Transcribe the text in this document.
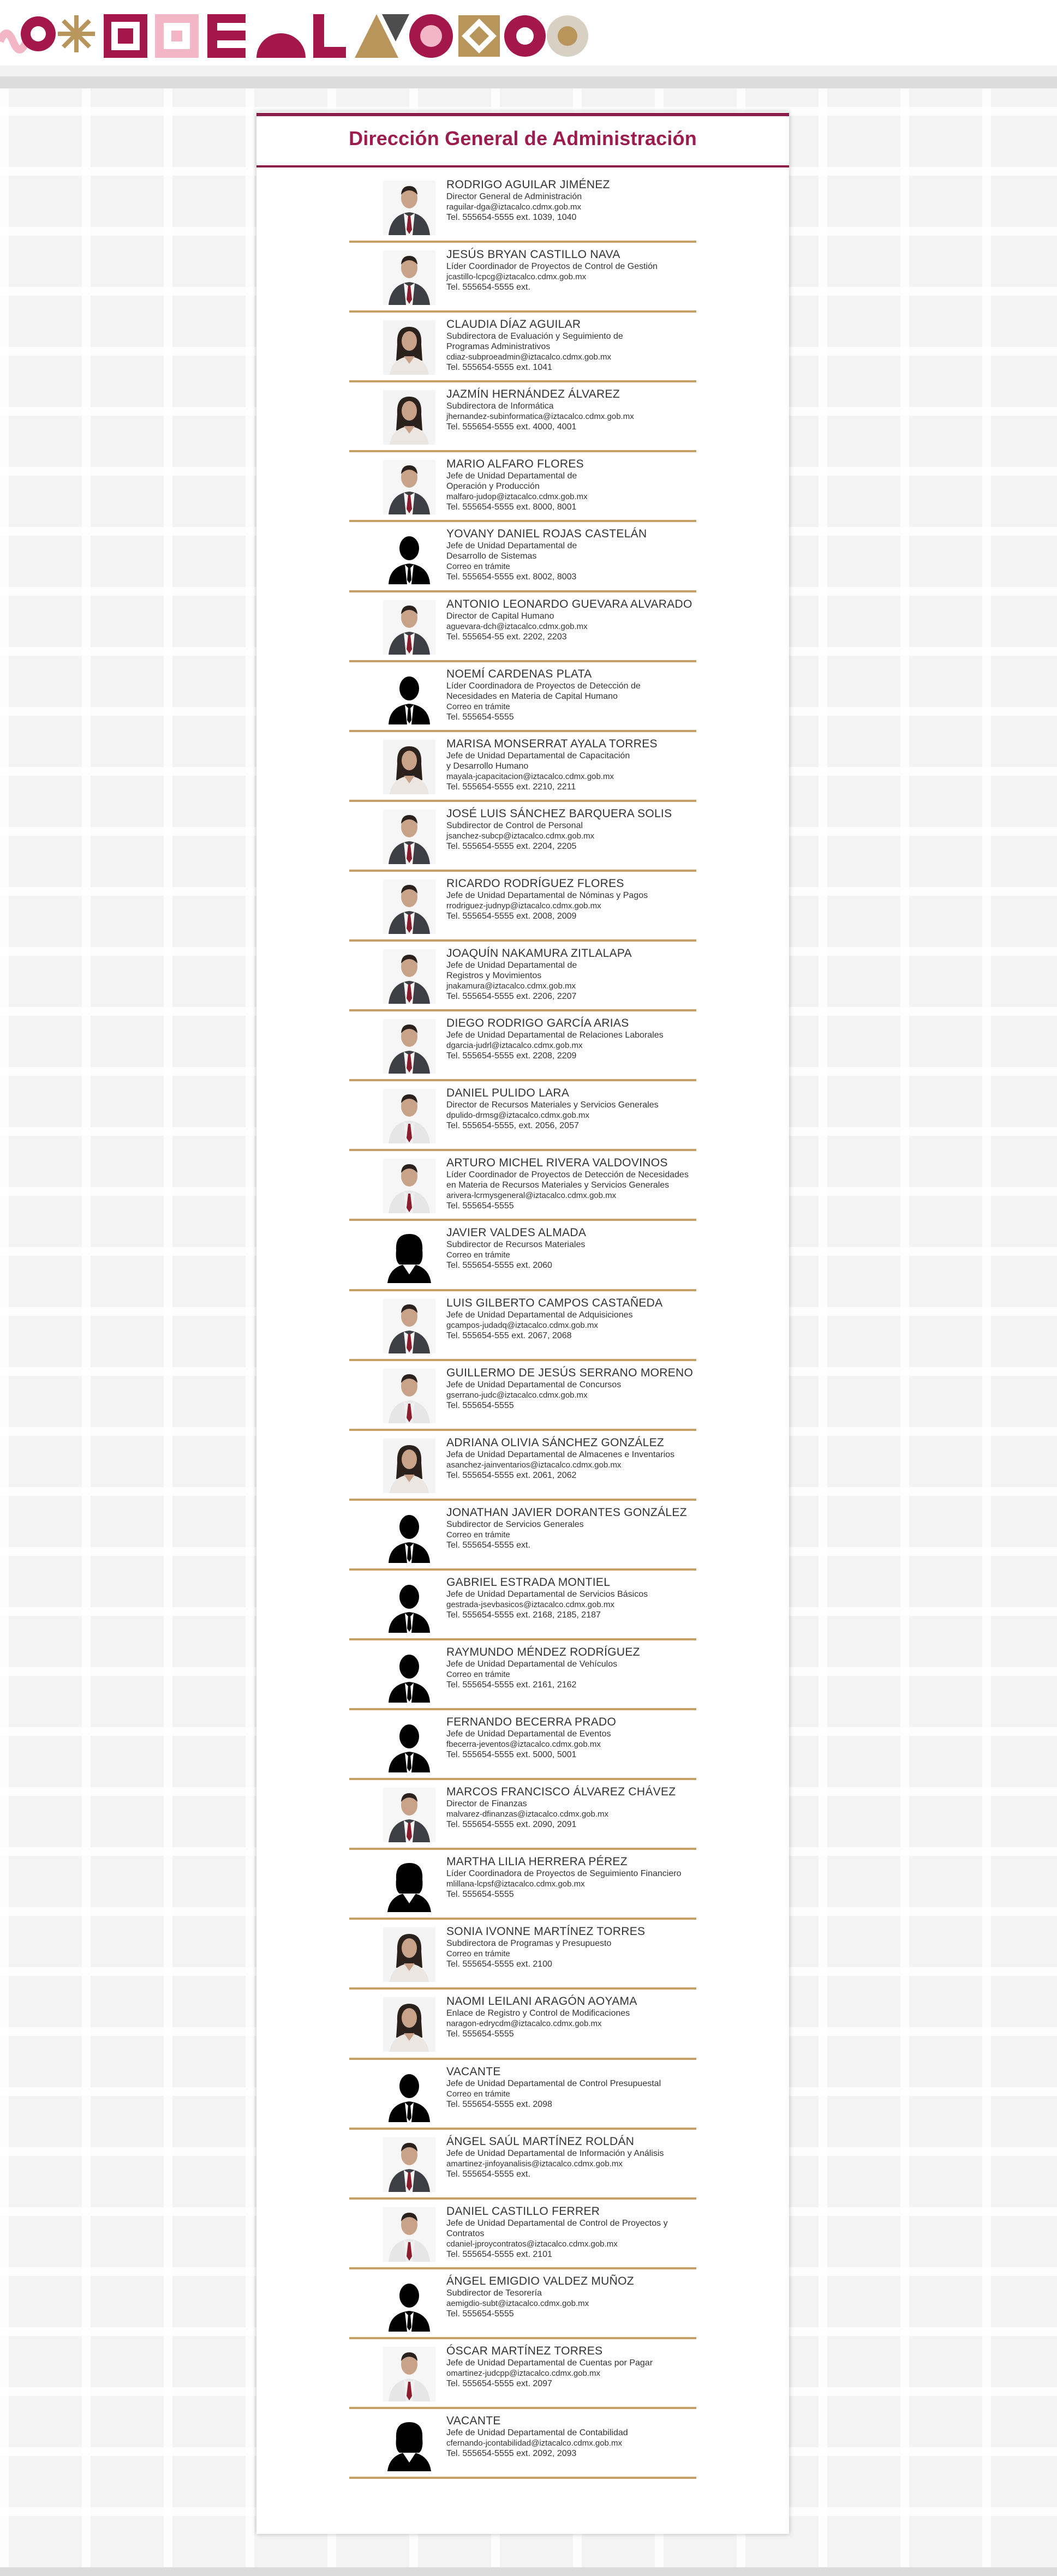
Dirección General de Administración
RODRIGO AGUILAR JIMÉNEZ
Director General de Administración
raguilar-dga@iztacalco.cdmx.gob.mx
Tel. 555654-5555 ext. 1039, 1040
JESÚS BRYAN CASTILLO NAVA
Líder Coordinador de Proyectos de Control de Gestión
jcastillo-lcpcg@iztacalco.cdmx.gob.mx
Tel. 555654-5555 ext.
CLAUDIA DÍAZ AGUILAR
Subdirectora de Evaluación y Seguimiento de
Programas Administrativos
cdiaz-subproeadmin@iztacalco.cdmx.gob.mx
Tel. 555654-5555 ext. 1041
JAZMÍN HERNÁNDEZ ÁLVAREZ
Subdirectora de Informática
jhernandez-subinformatica@iztacalco.cdmx.gob.mx
Tel. 555654-5555 ext. 4000, 4001
MARIO ALFARO FLORES
Jefe de Unidad Departamental de
Operación y Producción
malfaro-judop@iztacalco.cdmx.gob.mx
Tel. 555654-5555 ext. 8000, 8001
YOVANY DANIEL ROJAS CASTELÁN
Jefe de Unidad Departamental de
Desarrollo de Sistemas
Correo en trámite
Tel. 555654-5555 ext. 8002, 8003
ANTONIO LEONARDO GUEVARA ALVARADO
Director de Capital Humano
aguevara-dch@iztacalco.cdmx.gob.mx
Tel. 555654-55 ext. 2202, 2203
NOEMÍ CARDENAS PLATA
Líder Coordinadora de Proyectos de Detección de
Necesidades en Materia de Capital Humano
Correo en trámite
Tel. 555654-5555
MARISA MONSERRAT AYALA TORRES
Jefe de Unidad Departamental de Capacitación
y Desarrollo Humano
mayala-jcapacitacion@iztacalco.cdmx.gob.mx
Tel. 555654-5555 ext. 2210, 2211
JOSÉ LUIS SÁNCHEZ BARQUERA SOLIS
Subdirector de Control de Personal
jsanchez-subcp@iztacalco.cdmx.gob.mx
Tel. 555654-5555 ext. 2204, 2205
RICARDO RODRÍGUEZ FLORES
Jefe de Unidad Departamental de Nóminas y Pagos
rrodriguez-judnyp@iztacalco.cdmx.gob.mx
Tel. 555654-5555 ext. 2008, 2009
JOAQUÍN NAKAMURA ZITLALAPA
Jefe de Unidad Departamental de
Registros y Movimientos
jnakamura@iztacalco.cdmx.gob.mx
Tel. 555654-5555 ext. 2206, 2207
DIEGO RODRIGO GARCÍA ARIAS
Jefe de Unidad Departamental de Relaciones Laborales
dgarcia-judrl@iztacalco.cdmx.gob.mx
Tel. 555654-5555 ext. 2208, 2209
DANIEL PULIDO LARA
Director de Recursos Materiales y Servicios Generales
dpulido-drmsg@iztacalco.cdmx.gob.mx
Tel. 555654-5555, ext. 2056, 2057
ARTURO MICHEL RIVERA VALDOVINOS
Líder Coordinador de Proyectos de Detección de Necesidades
en Materia de Recursos Materiales y Servicios Generales
arivera-lcrmysgeneral@iztacalco.cdmx.gob.mx
Tel. 555654-5555
JAVIER VALDES ALMADA
Subdirector de Recursos Materiales
Correo en trámite
Tel. 555654-5555 ext. 2060
LUIS GILBERTO CAMPOS CASTAÑEDA
Jefe de Unidad Departamental de Adquisiciones
gcampos-judadq@iztacalco.cdmx.gob.mx
Tel. 555654-555 ext. 2067, 2068
GUILLERMO DE JESÚS SERRANO MORENO
Jefe de Unidad Departamental de Concursos
gserrano-judc@iztacalco.cdmx.gob.mx
Tel. 555654-5555
ADRIANA OLIVIA SÁNCHEZ GONZÁLEZ
Jefa de Unidad Departamental de Almacenes e Inventarios
asanchez-jainventarios@iztacalco.cdmx.gob.mx
Tel. 555654-5555 ext. 2061, 2062
JONATHAN JAVIER DORANTES GONZÁLEZ
Subdirector de Servicios Generales
Correo en trámite
Tel. 555654-5555 ext.
GABRIEL ESTRADA MONTIEL
Jefe de Unidad Departamental de Servicios Básicos
gestrada-jsevbasicos@iztacalco.cdmx.gob.mx
Tel. 555654-5555 ext. 2168, 2185, 2187
RAYMUNDO MÉNDEZ RODRÍGUEZ
Jefe de Unidad Departamental de Vehículos
Correo en trámite
Tel. 555654-5555 ext. 2161, 2162
FERNANDO BECERRA PRADO
Jefe de Unidad Departamental de Eventos
fbecerra-jeventos@iztacalco.cdmx.gob.mx
Tel. 555654-5555 ext. 5000, 5001
MARCOS FRANCISCO ÁLVAREZ CHÁVEZ
Director de Finanzas
malvarez-dfinanzas@iztacalco.cdmx.gob.mx
Tel. 555654-5555 ext. 2090, 2091
MARTHA LILIA HERRERA PÉREZ
Líder Coordinadora de Proyectos de Seguimiento Financiero
mlillana-lcpsf@iztacalco.cdmx.gob.mx
Tel. 555654-5555
SONIA IVONNE MARTÍNEZ TORRES
Subdirectora de Programas y Presupuesto
Correo en trámite
Tel. 555654-5555 ext. 2100
NAOMI LEILANI ARAGÓN AOYAMA
Enlace de Registro y Control de Modificaciones
naragon-edrycdm@iztacalco.cdmx.gob.mx
Tel. 555654-5555
VACANTE
Jefe de Unidad Departamental de Control Presupuestal
Correo en trámite
Tel. 555654-5555 ext. 2098
ÁNGEL SAÚL MARTÍNEZ ROLDÁN
Jefe de Unidad Departamental de Información y Análisis
amartinez-jinfoyanalisis@iztacalco.cdmx.gob.mx
Tel. 555654-5555 ext.
DANIEL CASTILLO FERRER
Jefe de Unidad Departamental de Control de Proyectos y Contratos
cdaniel-jproycontratos@iztacalco.cdmx.gob.mx
Tel. 555654-5555 ext. 2101
ÁNGEL EMIGDIO VALDEZ MUÑOZ
Subdirector de Tesorería
aemigdio-subt@iztacalco.cdmx.gob.mx
Tel. 555654-5555
ÓSCAR MARTÍNEZ TORRES
Jefe de Unidad Departamental de Cuentas por Pagar
omartinez-judcpp@iztacalco.cdmx.gob.mx
Tel. 555654-5555 ext. 2097
VACANTE
Jefe de Unidad Departamental de Contabilidad
cfernando-jcontabilidad@iztacalco.cdmx.gob.mx
Tel. 555654-5555 ext. 2092, 2093
